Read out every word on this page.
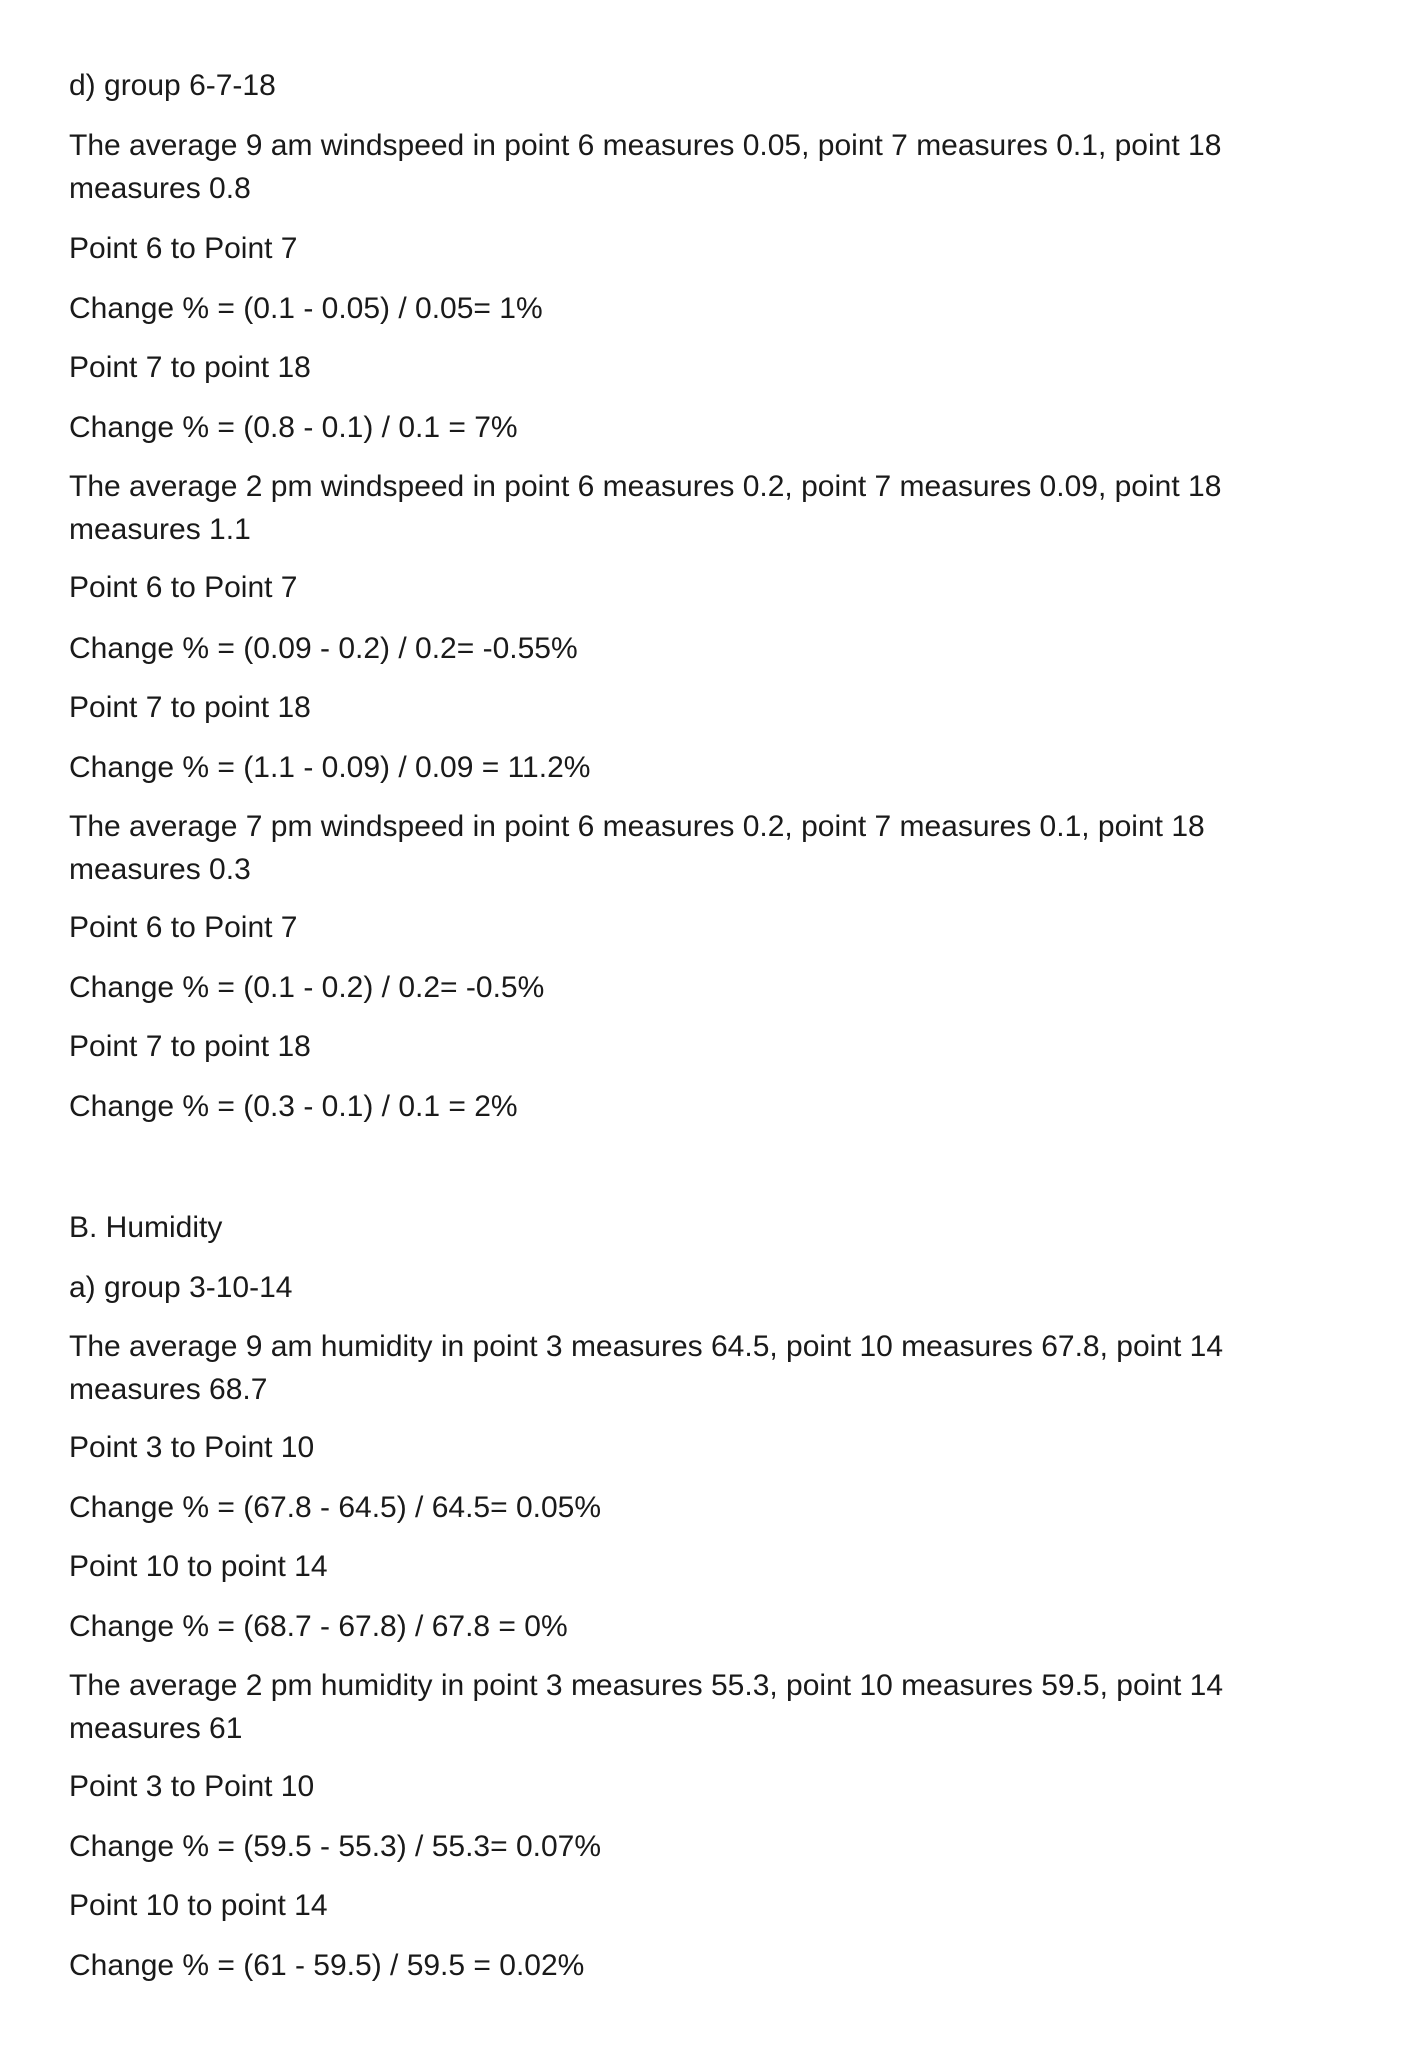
d) group 6-7-18

The average 9 am windspeed in point 6 measures 0.05, point 7 measures 0.1, point 18 measures 0.8

Point 6 to Point 7

Change % = (0.1 - 0.05) / 0.05= 1%

Point 7 to point 18

Change % = (0.8 - 0.1) / 0.1 = 7%

The average 2 pm windspeed in point 6 measures 0.2, point 7 measures 0.09, point 18 measures 1.1

Point 6 to Point 7

Change % = (0.09 - 0.2) / 0.2= -0.55%

Point 7 to point 18

Change % = (1.1 - 0.09) / 0.09 = 11.2%

The average 7 pm windspeed in point 6 measures 0.2, point 7 measures 0.1, point 18 measures 0.3

Point 6 to Point 7

Change % = (0.1 - 0.2) / 0.2= -0.5%

Point 7 to point 18

Change % = (0.3 - 0.1) / 0.1 = 2%

B. Humidity

a) group 3-10-14

The average 9 am humidity in point 3 measures 64.5, point 10 measures 67.8, point 14 measures 68.7

Point 3 to Point 10

Change % = (67.8 - 64.5) / 64.5= 0.05%

Point 10 to point 14

Change % = (68.7 - 67.8) / 67.8 = 0%

The average 2 pm humidity in point 3 measures 55.3, point 10 measures 59.5, point 14 measures 61

Point 3 to Point 10

Change % = (59.5 - 55.3) / 55.3= 0.07%

Point 10 to point 14

Change % = (61 - 59.5) / 59.5 = 0.02%
